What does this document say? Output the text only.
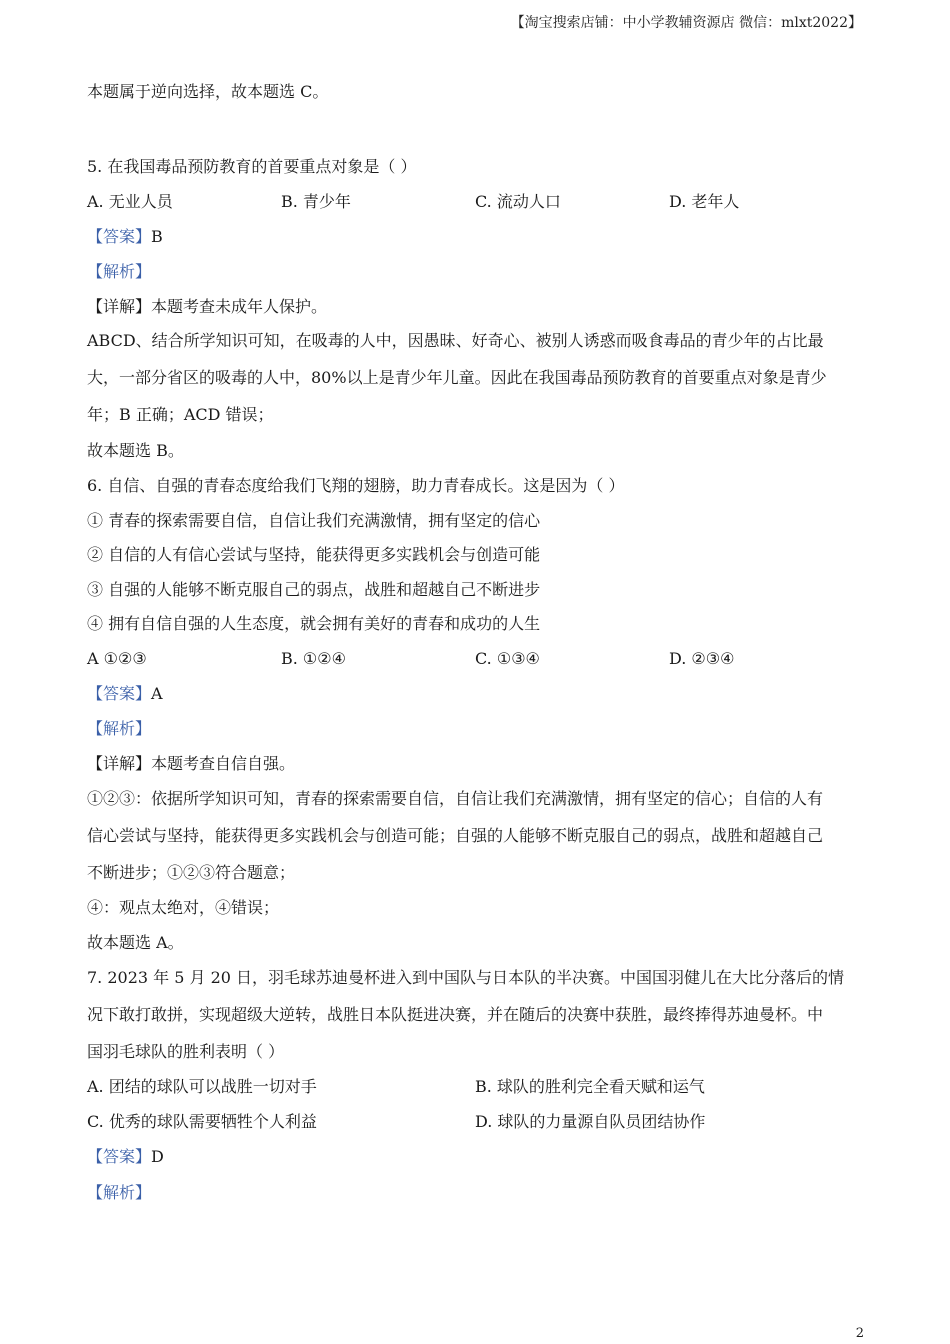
【淘宝搜索店铺：中小学教辅资源店 微信：mlxt2022】
本题属于逆向选择，故本题选 C。
5. 在我国毒品预防教育的首要重点对象是（ ）
A. 无业人员	B. 青少年	C. 流动人口	D. 老年人
【答案】B
【解析】
【详解】本题考查未成年人保护。
ABCD、结合所学知识可知，在吸毒的人中，因愚昧、好奇心、被别人诱惑而吸食毒品的青少年的占比最
大，一部分省区的吸毒的人中，80%以上是青少年儿童。因此在我国毒品预防教育的首要重点对象是青少
年；B 正确；ACD 错误；
故本题选 B。
6. 自信、自强的青春态度给我们飞翔的翅膀，助力青春成长。这是因为（ ）
① 青春的探索需要自信，自信让我们充满激情，拥有坚定的信心
② 自信的人有信心尝试与坚持，能获得更多实践机会与创造可能
③ 自强的人能够不断克服自己的弱点，战胜和超越自己不断进步
④ 拥有自信自强的人生态度，就会拥有美好的青春和成功的人生
A ①②③	B. ①②④	C. ①③④	D. ②③④
【答案】A
【解析】
【详解】本题考查自信自强。
①②③：依据所学知识可知，青春的探索需要自信，自信让我们充满激情，拥有坚定的信心；自信的人有
信心尝试与坚持，能获得更多实践机会与创造可能；自强的人能够不断克服自己的弱点，战胜和超越自己
不断进步；①②③符合题意；
④：观点太绝对，④错误；
故本题选 A。
7. 2023 年 5 月 20 日，羽毛球苏迪曼杯进入到中国队与日本队的半决赛。中国国羽健儿在大比分落后的情
况下敢打敢拼，实现超级大逆转，战胜日本队挺进决赛，并在随后的决赛中获胜，最终捧得苏迪曼杯。中
国羽毛球队的胜利表明（ ）
A. 团结的球队可以战胜一切对手	B. 球队的胜利完全看天赋和运气
C. 优秀的球队需要牺牲个人利益	D. 球队的力量源自队员团结协作
【答案】D
【解析】
2
